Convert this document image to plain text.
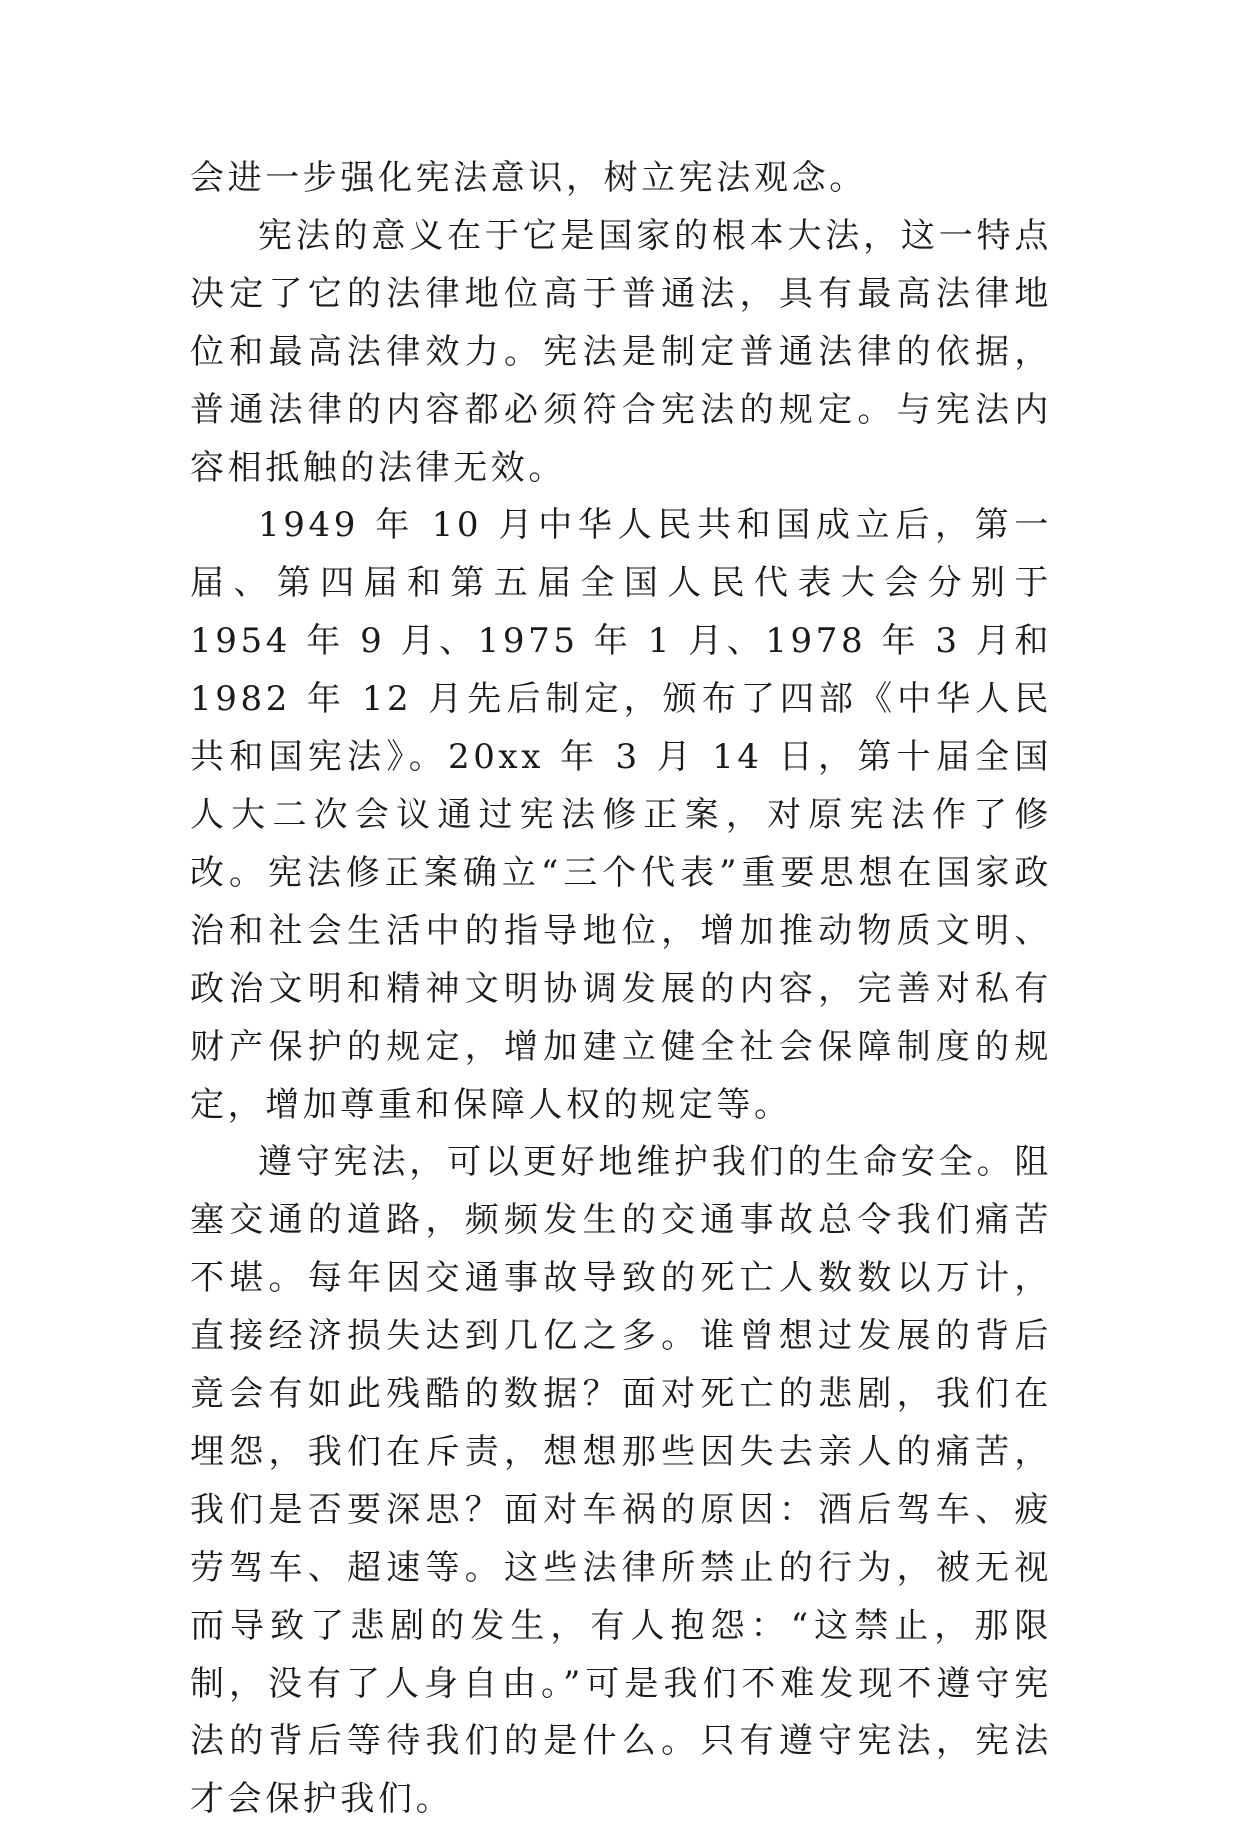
会进一步强化宪法意识，树立宪法观念。

宪法的意义在于它是国家的根本大法，这一特点决定了它的法律地位高于普通法，具有最高法律地位和最高法律效力。宪法是制定普通法律的依据，普通法律的内容都必须符合宪法的规定。与宪法内容相抵触的法律无效。

1949 年 10 月中华人民共和国成立后，第一届、第四届和第五届全国人民代表大会分别于 1954 年 9 月、1975 年 1 月、1978 年 3 月和 1982 年 12 月先后制定，颁布了四部《中华人民共和国宪法》。20xx 年 3 月 14 日，第十届全国人大二次会议通过宪法修正案，对原宪法作了修改。宪法修正案确立“三个代表”重要思想在国家政治和社会生活中的指导地位，增加推动物质文明、政治文明和精神文明协调发展的内容，完善对私有财产保护的规定，增加建立健全社会保障制度的规定，增加尊重和保障人权的规定等。

遵守宪法，可以更好地维护我们的生命安全。阻塞交通的道路，频频发生的交通事故总令我们痛苦不堪。每年因交通事故导致的死亡人数数以万计，直接经济损失达到几亿之多。谁曾想过发展的背后竟会有如此残酷的数据？面对死亡的悲剧，我们在埋怨，我们在斥责，想想那些因失去亲人的痛苦，我们是否要深思？面对车祸的原因：酒后驾车、疲劳驾车、超速等。这些法律所禁止的行为，被无视而导致了悲剧的发生，有人抱怨：“这禁止，那限制，没有了人身自由。”可是我们不难发现不遵守宪法的背后等待我们的是什么。只有遵守宪法，宪法才会保护我们。
